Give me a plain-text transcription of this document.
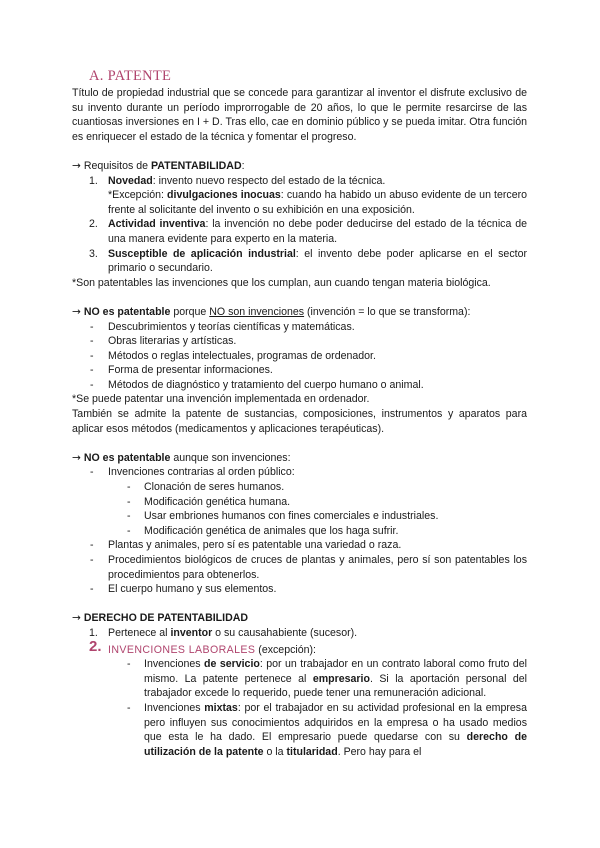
A. PATENTE

Título de propiedad industrial que se concede para garantizar al inventor el disfrute exclusivo de su invento durante un período improrrogable de 20 años, lo que le permite resarcirse de las cuantiosas inversiones en I + D. Tras ello, cae en dominio público y se pueda imitar. Otra función es enriquecer el estado de la técnica y fomentar el progreso.

→ Requisitos de PATENTABILIDAD:

1. Novedad: invento nuevo respecto del estado de la técnica.
*Excepción: divulgaciones inocuas: cuando ha habido un abuso evidente de un tercero frente al solicitante del invento o su exhibición en una exposición.
2. Actividad inventiva: la invención no debe poder deducirse del estado de la técnica de una manera evidente para experto en la materia.
3. Susceptible de aplicación industrial: el invento debe poder aplicarse en el sector primario o secundario.

*Son patentables las invenciones que los cumplan, aun cuando tengan materia biológica.

→ NO es patentable porque NO son invenciones (invención = lo que se transforma):

- Descubrimientos y teorías científicas y matemáticas.
- Obras literarias y artísticas.
- Métodos o reglas intelectuales, programas de ordenador.
- Forma de presentar informaciones.
- Métodos de diagnóstico y tratamiento del cuerpo humano o animal.

*Se puede patentar una invención implementada en ordenador.

También se admite la patente de sustancias, composiciones, instrumentos y aparatos para aplicar esos métodos (medicamentos y aplicaciones terapéuticas).

→ NO es patentable aunque son invenciones:

- Invenciones contrarias al orden público:
- Clonación de seres humanos.
- Modificación genética humana.
- Usar embriones humanos con fines comerciales e industriales.
- Modificación genética de animales que los haga sufrir.
- Plantas y animales, pero sí es patentable una variedad o raza.
- Procedimientos biológicos de cruces de plantas y animales, pero sí son patentables los procedimientos para obtenerlos.
- El cuerpo humano y sus elementos.

→ DERECHO DE PATENTABILIDAD

1. Pertenece al inventor o su causahabiente (sucesor).
2. INVENCIONES LABORALES (excepción):
- Invenciones de servicio: por un trabajador en un contrato laboral como fruto del mismo. La patente pertenece al empresario. Si la aportación personal del trabajador excede lo requerido, puede tener una remuneración adicional.
- Invenciones mixtas: por el trabajador en su actividad profesional en la empresa pero influyen sus conocimientos adquiridos en la empresa o ha usado medios que esta le ha dado. El empresario puede quedarse con su derecho de utilización de la patente o la titularidad. Pero hay para el
